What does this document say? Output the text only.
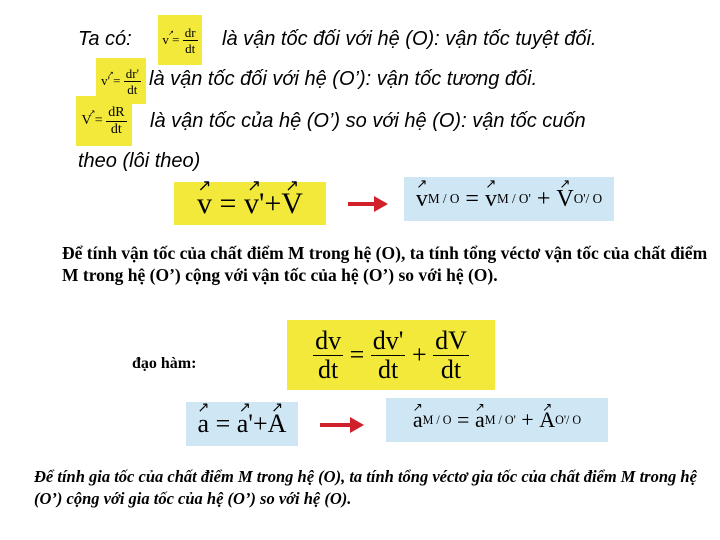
Ta có: ↗ v =
$\frac{dr}{dt}$ là vận tốc đối với hệ (O): vận tốc tuyệt đối.
↗ v' =
$\frac{dr'}{dt}$ là vận tốc đối với hệ (O’): vận tốc tương đối.
↗ V =
$\frac{dR}{dt}$ là vận tốc của hệ (O’) so với hệ (O): vận tốc cuốn
theo (lôi theo)
↗ v
=
↗ v' + ↗ V	↗ v M / O
=
↗ v M / O'
+
↗ V O'/ O
Để tính vận tốc của chất điểm M trong hệ (O), ta tính tổng véctơ vận tốc của chất điểm M trong hệ (O’) cộng với vận tốc của hệ (O’) so với hệ (O).
đạo hàm:	$\frac{dv}{dt}$
=
$\frac{dv'}{dt}$
+
$\frac{dV}{dt}$
↗ a
=
↗ a' + ↗ A	↗ a M / O
=
↗ a M / O'
+
↗ A O'/ O
Để tính gia tốc của chất điểm M trong hệ (O), ta tính tổng véctơ gia tốc của chất điểm M trong hệ (O’) cộng với gia tốc của hệ (O’) so với hệ (O).
